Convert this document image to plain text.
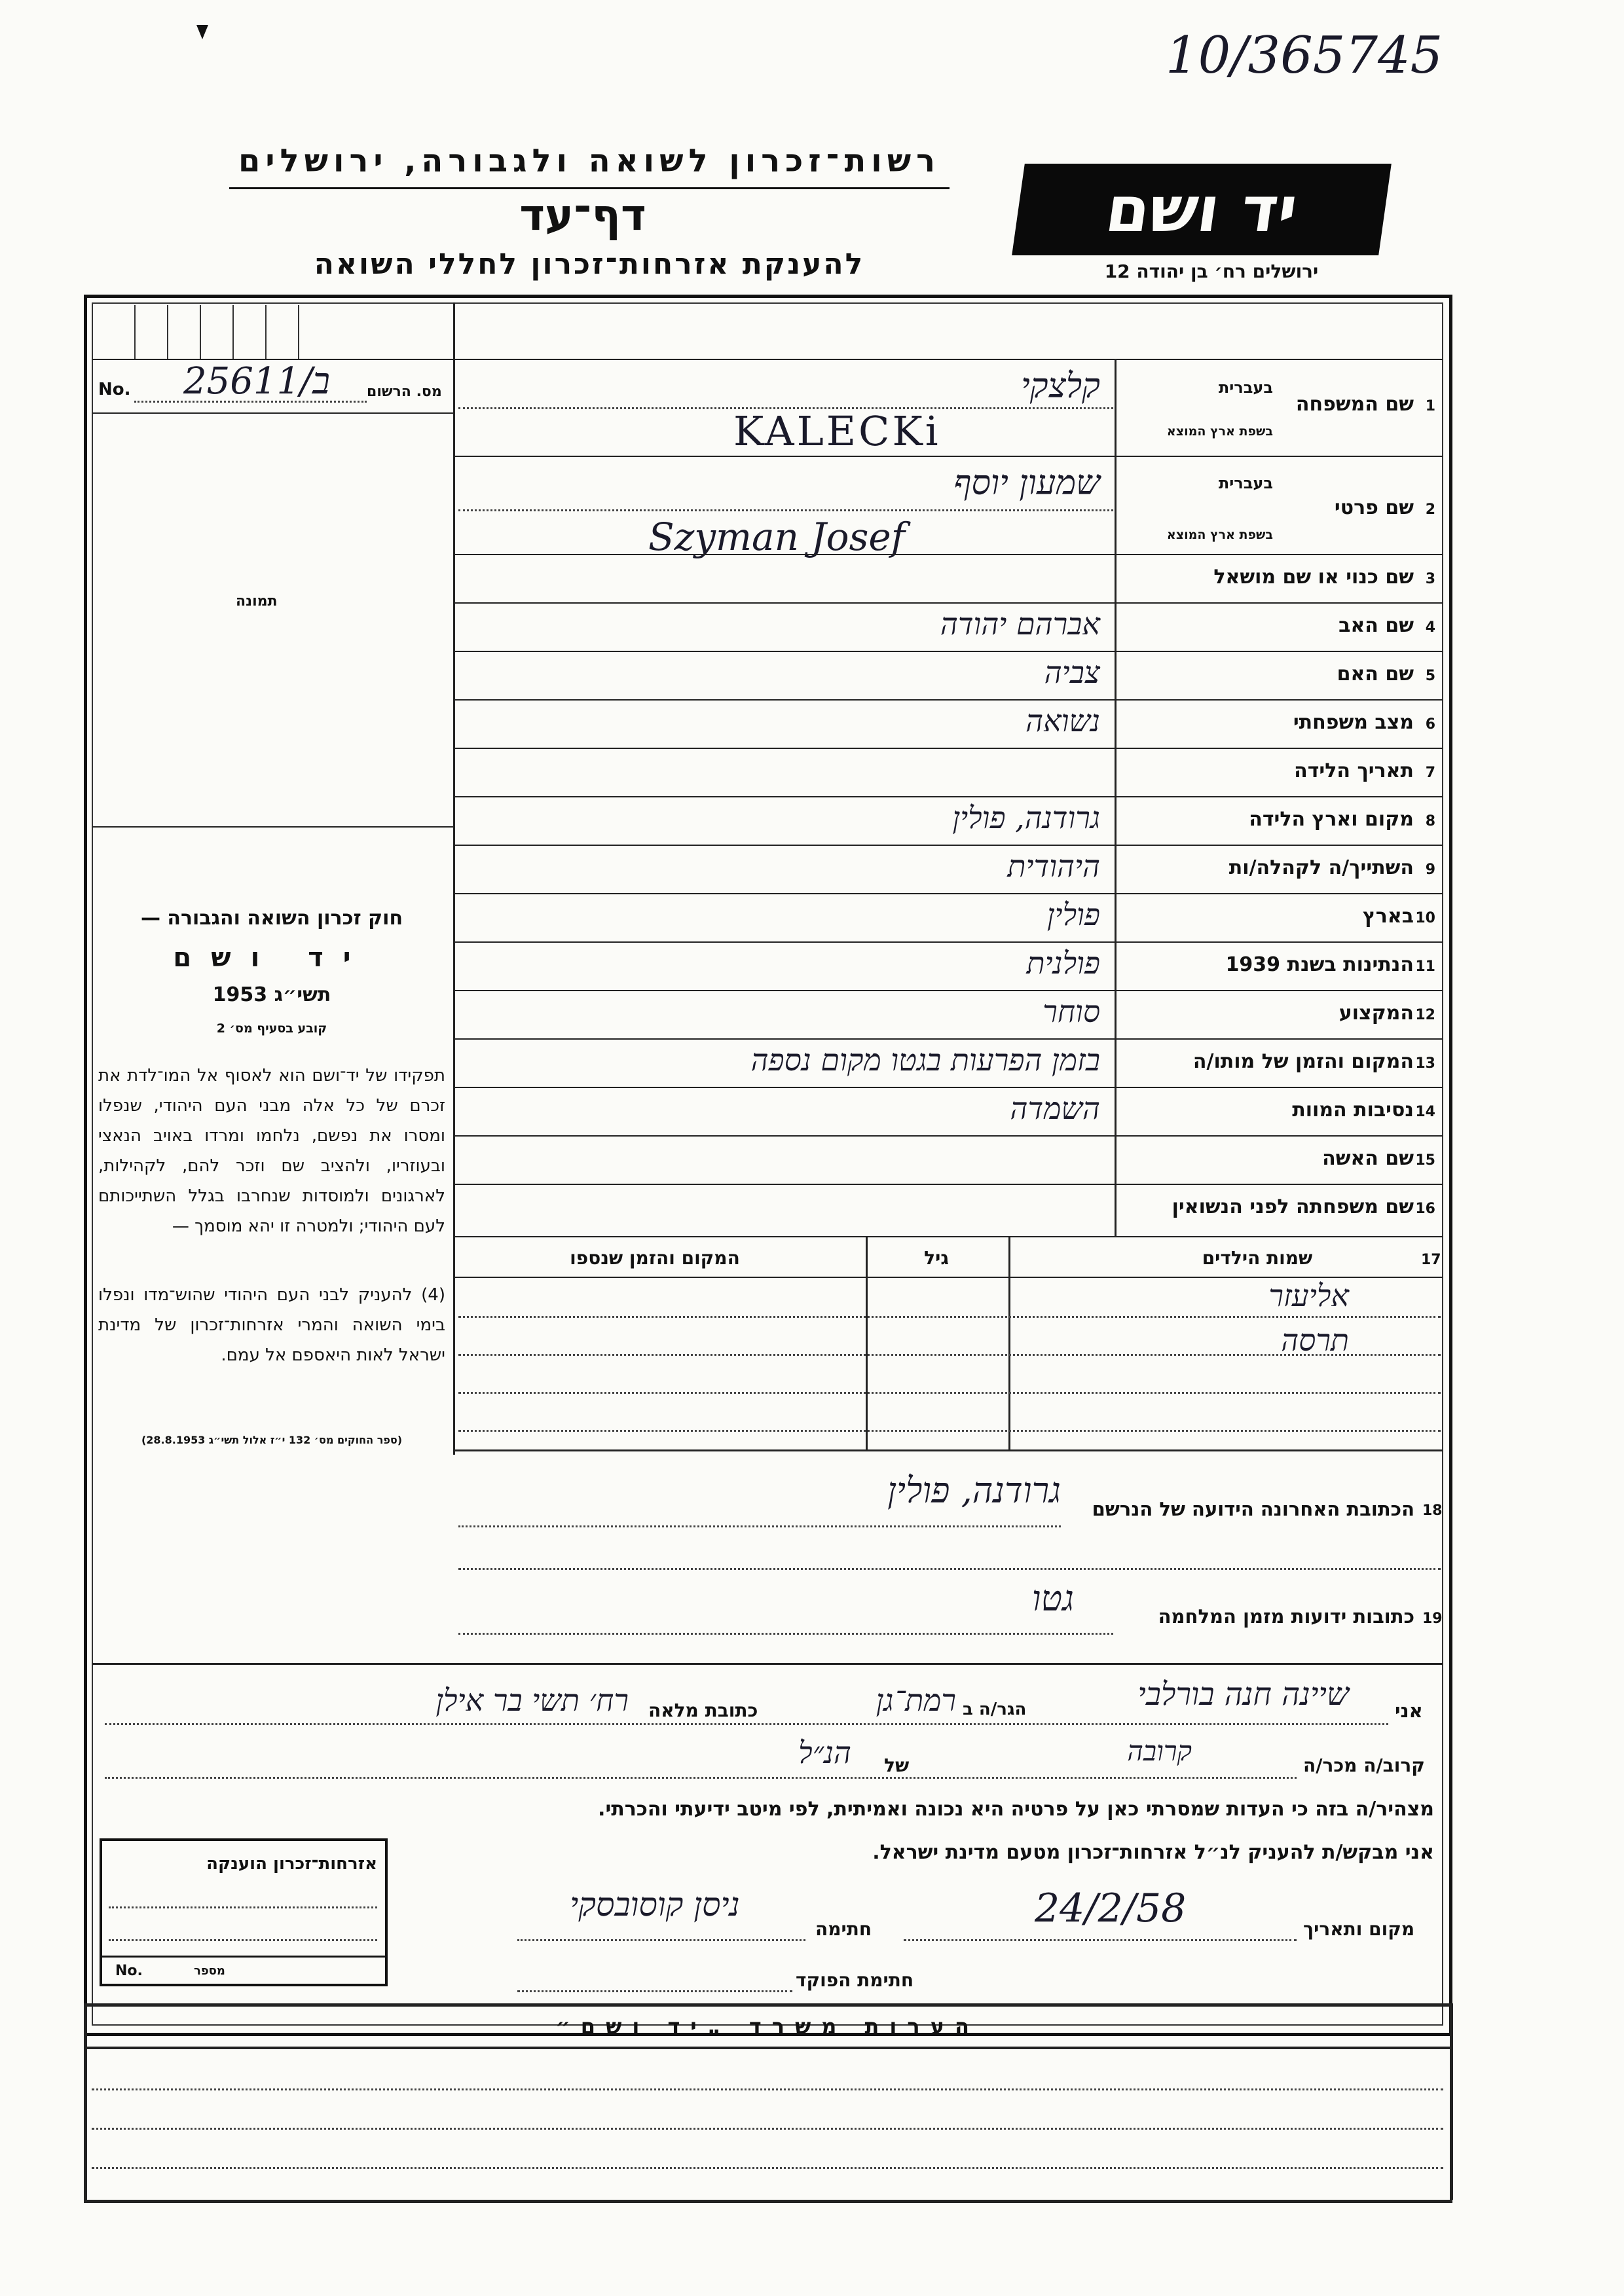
10/365745
רשות־זכרון לשואה ולגבורה, ירושלים
דף־עד
להענקת אזרחות־זכרון לחללי השואה
יד ושם
ירושלים רח׳ בן יהודה 12
No. 25611/ב	מס. הרשום
תמונה
חוק זכרון השואה והגבורה —
יד ושם
תשי״ג 1953
קובע בסעיף מס׳ 2
תפקידו של יד־ושם הוא לאסוף אל המו־לדת את זכרם של כל אלה מבני העם היהודי, שנפלו ומסרו את נפשם, נלחמו ומרדו באויב הנאצי ובעוזריו, ולהציב שם וזכר להם, לקהילות, לארגונים ולמוסדות שנחרבו בגלל השתייכותם לעם היהודי; ולמטרה זו יהא מוסמך —
(4) להעניק לבני העם היהודי שהוש־מדו ונפלו בימי השואה והמרי אזרחות־זכרון של מדינת ישראל לאות היאספם אל עמם.
(ספר החוקים מס׳ 132 י״ז אלול תשי״ג 28.8.1953)
1
שם המשפחה
בעברית
בשפת ארץ המוצא
קלצקי
KALECKi
2
שם פרטי
בעברית
בשפת ארץ המוצא
שמעון יוסף
Szyman Josef
3
שם כנוי או שם מושאל
4
שם האב
אברהם יהודה
5
שם האם
צביה
6
מצב משפחתי
נשואה
7
תאריך הלידה
8
מקום וארץ הלידה
גרודנה, פולין
9
השתייך/ה לקהלה/ות
היהודית
10
בארץ
פולין
11
הנתינות בשנת 1939
פולנית
12
המקצוע
סוחר
13
המקום והזמן של מותו/ה
בזמן הפרעות בגטו מקום נספה
14
נסיבות המוות
השמדה
15
שם האשה
16
שם משפחתה לפני הנשואין
17
שמות הילדים
גיל
המקום והזמן שנספו
אליעזר
תרסה
18
הכתובת האחרונה הידועה של הנרשם
גרודנה, פולין
19
כתובות ידועות מזמן המלחמה
גטו
אני
שיינה חנה בורלבי
הגר/ה ב
רמת־גן
כתובת מלאה
רח׳ תשי בר אילן
קרוב/ה מכר/ה
קרובה
של
הנ״ל
מצהיר/ה בזה כי העדות שמסרתי כאן על פרטיה היא נכונה ואמיתית, לפי מיטב ידיעתי והכרתי.
אני מבקש/ת להעניק לנ״ל אזרחות־זכרון מטעם מדינת ישראל.
מקום ותאריך
24/2/58
חתימה
ניסן קוסובסקי
חתימת הפוקד
אזרחות־זכרון הוענקה
No.	מספר
הערות משרד „יד ושם״
